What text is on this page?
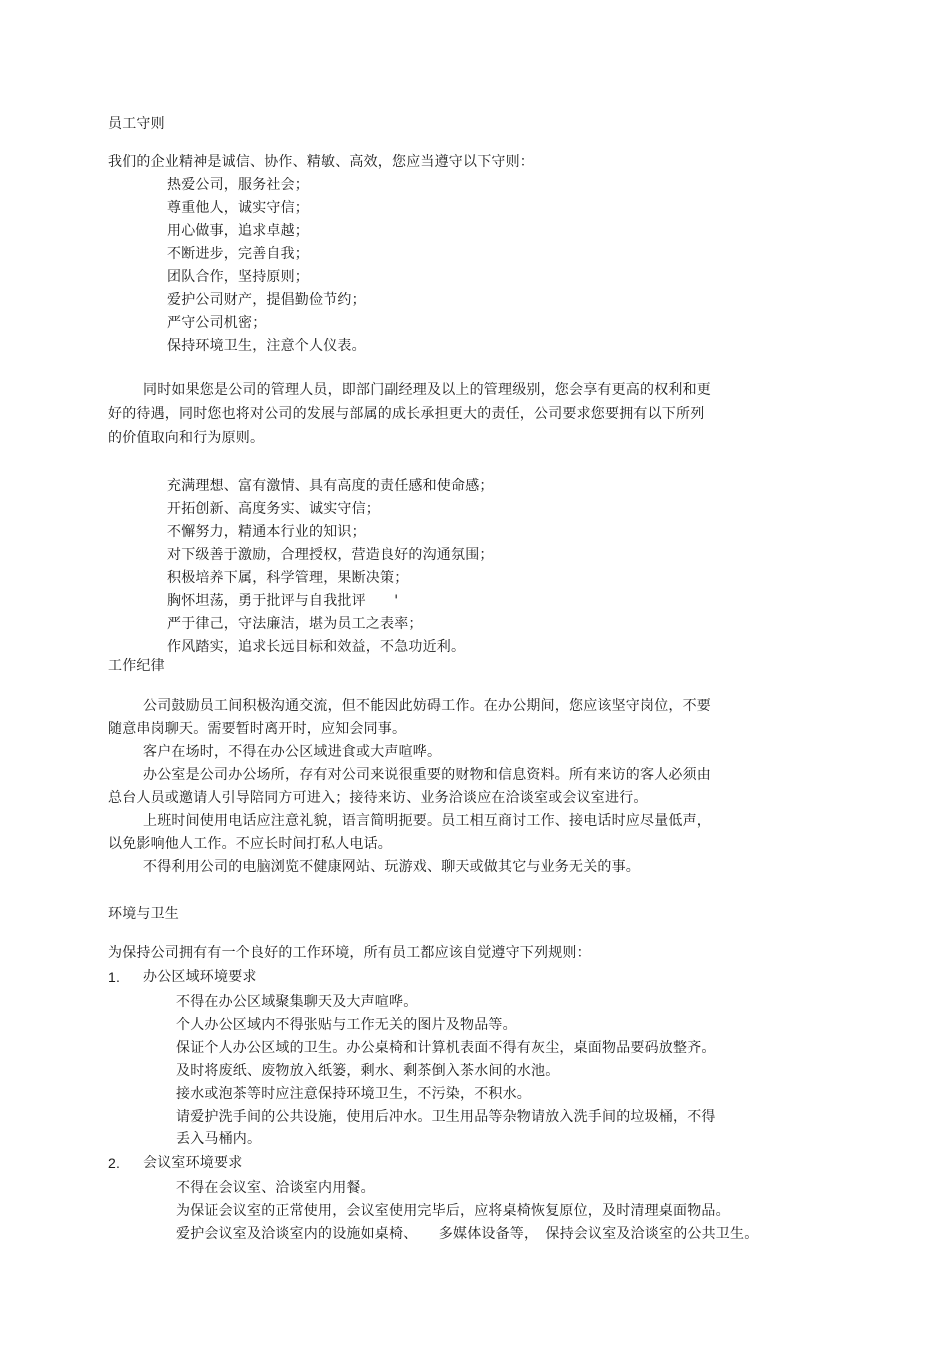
员工守则
我们的企业精神是诚信、协作、精敏、高效，您应当遵守以下守则：
热爱公司，服务社会；
尊重他人，诚实守信；
用心做事，追求卓越；
不断进步，完善自我；
团队合作，坚持原则；
爱护公司财产，提倡勤俭节约；
严守公司机密；
保持环境卫生，注意个人仪表。
同时如果您是公司的管理人员，即部门副经理及以上的管理级别，您会享有更高的权利和更
好的待遇，同时您也将对公司的发展与部属的成长承担更大的责任，公司要求您要拥有以下所列
的价值取向和行为原则。
充满理想、富有激情、具有高度的责任感和使命感；
开拓创新、高度务实、诚实守信；
不懈努力，精通本行业的知识；
对下级善于激励，合理授权，营造良好的沟通氛围；
积极培养下属，科学管理，果断决策；
胸怀坦荡，勇于批评与自我批评　　'
严于律己，守法廉洁，堪为员工之表率；
作风踏实，追求长远目标和效益，不急功近利。
工作纪律
公司鼓励员工间积极沟通交流，但不能因此妨碍工作。在办公期间，您应该坚守岗位，不要
随意串岗聊天。需要暂时离开时，应知会同事。
客户在场时，不得在办公区域进食或大声喧哗。
办公室是公司办公场所，存有对公司来说很重要的财物和信息资料。所有来访的客人必须由
总台人员或邀请人引导陪同方可进入；接待来访、业务洽谈应在洽谈室或会议室进行。
上班时间使用电话应注意礼貌，语言简明扼要。员工相互商讨工作、接电话时应尽量低声，
以免影响他人工作。不应长时间打私人电话。
不得利用公司的电脑浏览不健康网站、玩游戏、聊天或做其它与业务无关的事。
环境与卫生
为保持公司拥有有一个良好的工作环境，所有员工都应该自觉遵守下列规则：
1. 办公区域环境要求
不得在办公区域聚集聊天及大声喧哗。
个人办公区域内不得张贴与工作无关的图片及物品等。
保证个人办公区域的卫生。办公桌椅和计算机表面不得有灰尘，桌面物品要码放整齐。
及时将废纸、废物放入纸篓，剩水、剩茶倒入茶水间的水池。
接水或泡茶等时应注意保持环境卫生，不污染，不积水。
请爱护洗手间的公共设施，使用后冲水。卫生用品等杂物请放入洗手间的垃圾桶，不得
丢入马桶内。
2. 会议室环境要求
不得在会议室、洽谈室内用餐。
为保证会议室的正常使用，会议室使用完毕后，应将桌椅恢复原位，及时清理桌面物品。
爱护会议室及洽谈室内的设施如桌椅、　　多媒体设备等，　保持会议室及洽谈室的公共卫生。
